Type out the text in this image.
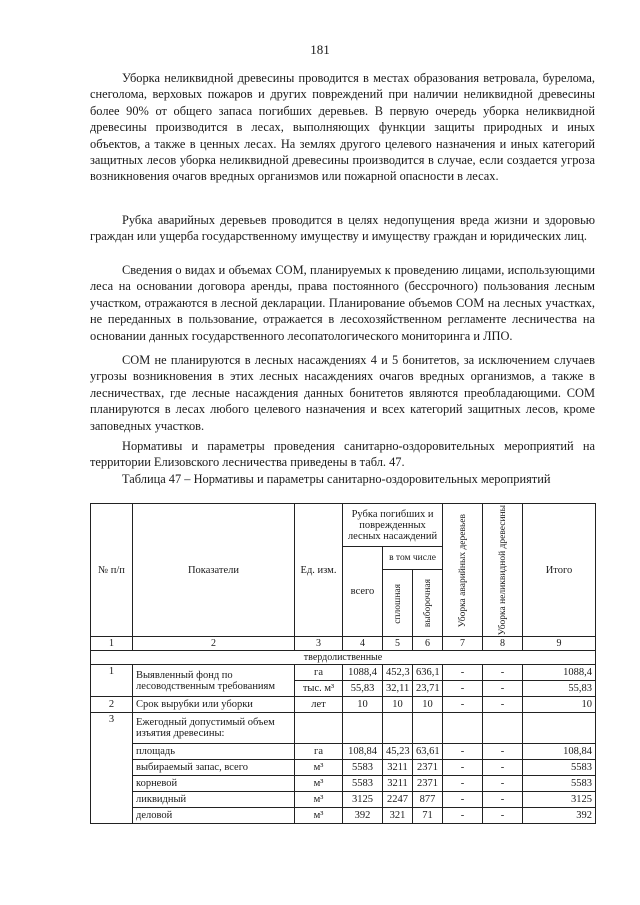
181

Уборка неликвидной древесины проводится в местах образования ветровала, бурелома, снеголома, верховых пожаров и других повреждений при наличии неликвидной древесины более 90% от общего запаса погибших деревьев. В первую очередь уборка неликвидной древесины производится в лесах, выполняющих функции защиты природных и иных объектов, а также в ценных лесах. На землях другого целевого назначения и иных категорий защитных лесов уборка неликвидной древесины производится в случае, если создается угроза возникновения очагов вредных организмов или пожарной опасности в лесах.

Рубка аварийных деревьев проводится в целях недопущения вреда жизни и здоровью граждан или ущерба государственному имуществу и имуществу граждан и юридических лиц.

Сведения о видах и объемах СОМ, планируемых к проведению лицами, использующими леса на основании договора аренды, права постоянного (бессрочного) пользования лесным участком, отражаются в лесной декларации. Планирование объемов СОМ на лесных участках, не переданных в пользование, отражается в лесохозяйственном регламенте лесничества на основании данных государственного лесопатологического мониторинга и ЛПО.

СОМ не планируются в лесных насаждениях 4 и 5 бонитетов, за исключением случаев угрозы возникновения в этих лесных насаждениях очагов вредных организмов, а также в лесничествах, где лесные насаждения данных бонитетов являются преобладающими. СОМ планируются в лесах любого целевого назначения и всех категорий защитных лесов, кроме заповедных участков.

Нормативы и параметры проведения санитарно-оздоровительных мероприятий на территории Елизовского лесничества приведены в табл. 47.

Таблица 47 – Нормативы и параметры санитарно-оздоровительных мероприятий

№ п/п	Показатели	Ед. изм.	Рубка погибших и поврежденных лесных насаждений			Уборка аварийных деревьев	Уборка неликвидной древесины	Итого
			всего	в том числе				

				сплошная	выборочная			

1	2	3	4	5	6	7	8	9
твердолиственные								
1	Выявленный фонд по лесоводственным требованиям	га	1088,4	452,3	636,1	-	-	1088,4
		тыс. м³	55,83	32,11	23,71	-	-	55,83
2	Срок вырубки или уборки	лет	10	10	10	-	-	10
3	Ежегодный допустимый объем изъятия древесины:							
	площадь	га	108,84	45,23	63,61	-	-	108,84
	выбираемый запас, всего	м³	5583	3211	2371	-	-	5583
	корневой	м³	5583	3211	2371	-	-	5583
	ликвидный	м³	3125	2247	877	-	-	3125
	деловой	м³	392	321	71	-	-	392
